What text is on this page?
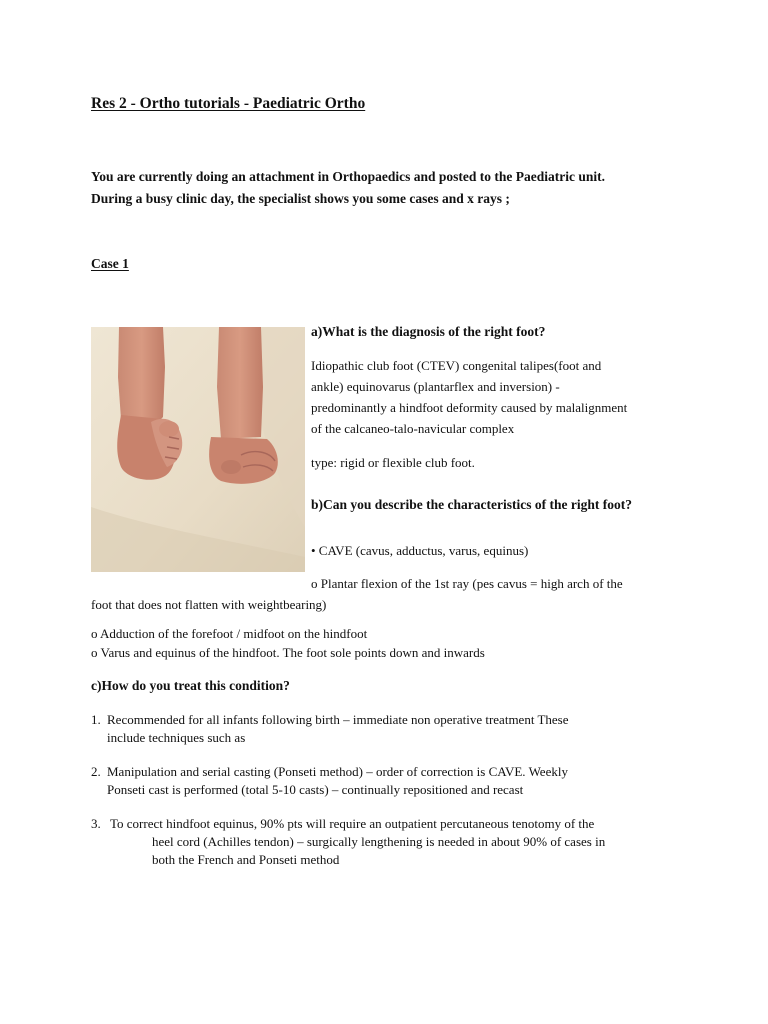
Res 2 - Ortho tutorials - Paediatric Ortho
You are currently doing an attachment in Orthopaedics and posted to the Paediatric unit.
During a busy clinic day, the specialist shows you some cases and x rays ;
Case 1
a)What is the diagnosis of the right foot?
Idiopathic club foot (CTEV) congenital talipes(foot and
ankle) equinovarus (plantarflex and inversion) -
predominantly a hindfoot deformity caused by malalignment
of the calcaneo-talo-navicular complex
type: rigid or flexible club foot.
b)Can you describe the characteristics of the right foot?
• CAVE (cavus, adductus, varus, equinus)
o Plantar flexion of the 1st ray (pes cavus = high arch of the
foot that does not flatten with weightbearing)
o Adduction of the forefoot / midfoot on the hindfoot
o Varus and equinus of the hindfoot. The foot sole points down and inwards
c)How do you treat this condition?
1. Recommended for all infants following birth – immediate non operative treatment These
include techniques such as
2. Manipulation and serial casting (Ponseti method) – order of correction is CAVE. Weekly
Ponseti cast is performed (total 5-10 casts) – continually repositioned and recast
3. To correct hindfoot equinus, 90% pts will require an outpatient percutaneous tenotomy of the
heel cord (Achilles tendon) – surgically lengthening is needed in about 90% of cases in
both the French and Ponseti method
